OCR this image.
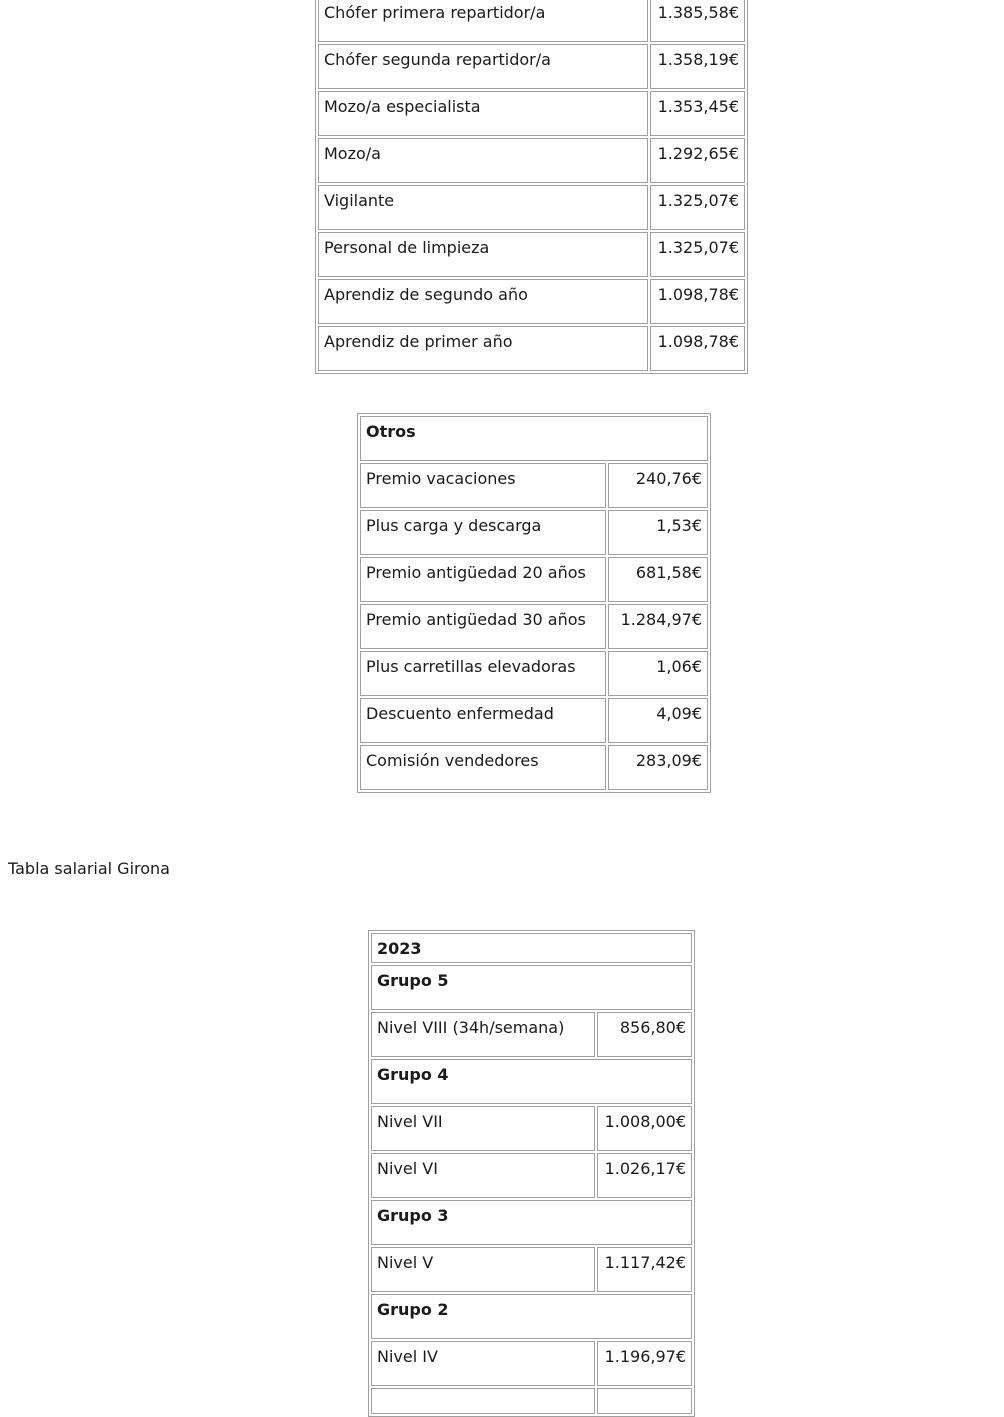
Chófer primera repartidor/a	1.385,58€
Chófer segunda repartidor/a	1.358,19€
Mozo/a especialista	1.353,45€
Mozo/a	1.292,65€
Vigilante	1.325,07€
Personal de limpieza	1.325,07€
Aprendiz de segundo año	1.098,78€
Aprendiz de primer año	1.098,78€
Otros	
Premio vacaciones	240,76€
Plus carga y descarga	1,53€
Premio antigüedad 20 años	681,58€
Premio antigüedad 30 años	1.284,97€
Plus carretillas elevadoras	1,06€
Descuento enfermedad	4,09€
Comisión vendedores	283,09€
Tabla salarial Girona
2023	
Grupo 5	
Nivel VIII (34h/semana)	856,80€
Grupo 4	
Nivel VII	1.008,00€
Nivel VI	1.026,17€
Grupo 3	
Nivel V	1.117,42€
Grupo 2	
Nivel IV	1.196,97€
